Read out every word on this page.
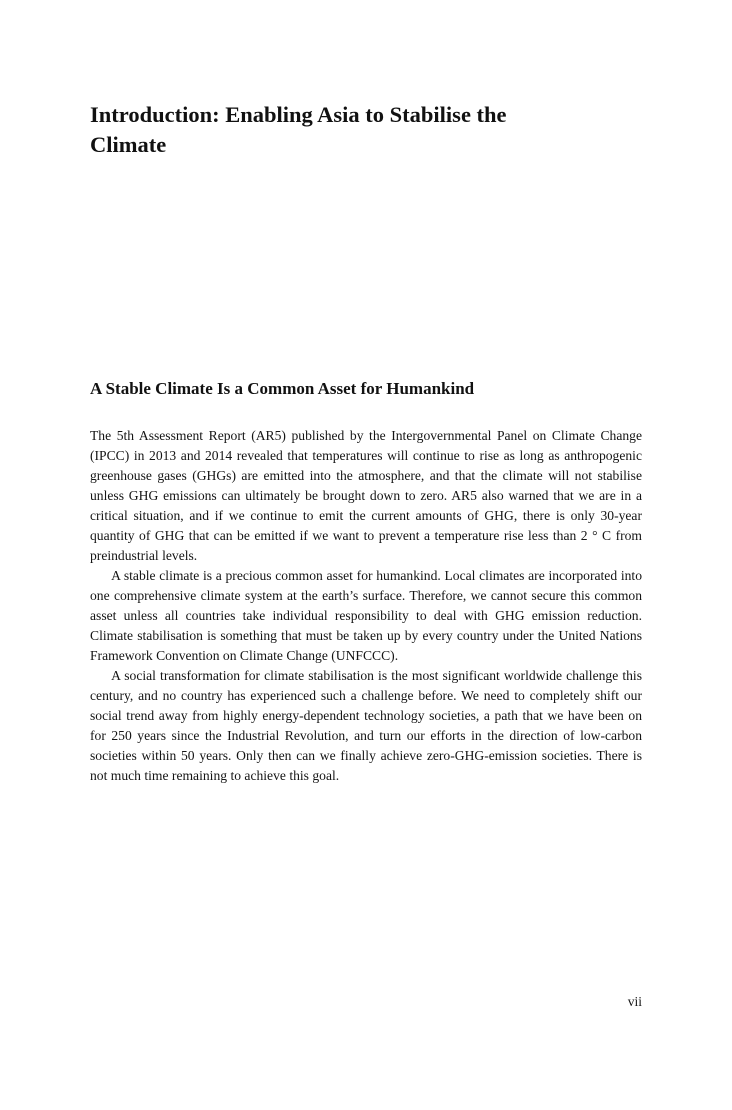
Introduction: Enabling Asia to Stabilise the Climate
A Stable Climate Is a Common Asset for Humankind

The 5th Assessment Report (AR5) published by the Intergovernmental Panel on Climate Change (IPCC) in 2013 and 2014 revealed that temperatures will continue to rise as long as anthropogenic greenhouse gases (GHGs) are emitted into the atmosphere, and that the climate will not stabilise unless GHG emissions can ultimately be brought down to zero. AR5 also warned that we are in a critical situation, and if we continue to emit the current amounts of GHG, there is only 30-year quantity of GHG that can be emitted if we want to prevent a temperature rise less than 2 ° C from preindustrial levels.

A stable climate is a precious common asset for humankind. Local climates are incorporated into one comprehensive climate system at the earth’s surface. Therefore, we cannot secure this common asset unless all countries take individual responsibility to deal with GHG emission reduction. Climate stabilisation is something that must be taken up by every country under the United Nations Framework Convention on Climate Change (UNFCCC).

A social transformation for climate stabilisation is the most significant worldwide challenge this century, and no country has experienced such a challenge before. We need to completely shift our social trend away from highly energy-dependent technology societies, a path that we have been on for 250 years since the Industrial Revolution, and turn our efforts in the direction of low-carbon societies within 50 years. Only then can we finally achieve zero-GHG-emission societies. There is not much time remaining to achieve this goal.

vii
